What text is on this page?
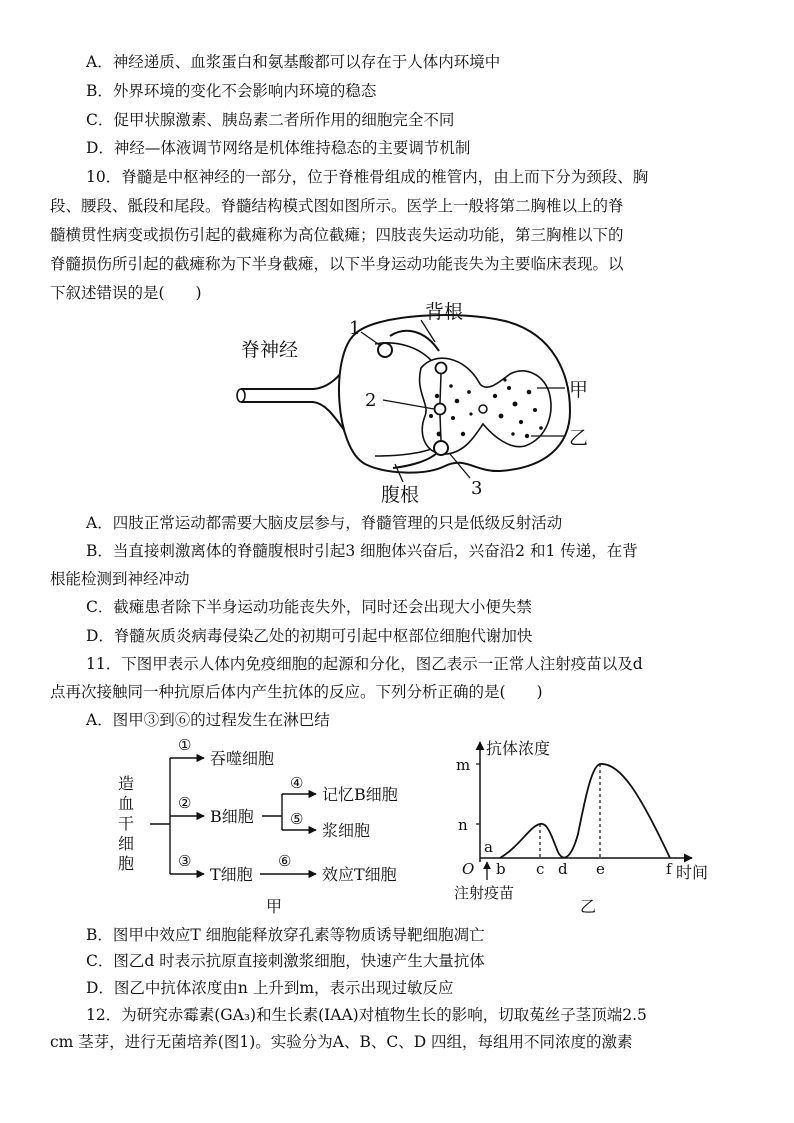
A．神经递质、血浆蛋白和氨基酸都可以存在于人体内环境中
B．外界环境的变化不会影响内环境的稳态
C．促甲状腺激素、胰岛素二者所作用的细胞完全不同
D．神经—体液调节网络是机体维持稳态的主要调节机制
10．脊髓是中枢神经的一部分，位于脊椎骨组成的椎管内，由上而下分为颈段、胸
段、腰段、骶段和尾段。脊髓结构模式图如图所示。医学上一般将第二胸椎以上的脊
髓横贯性病变或损伤引起的截瘫称为高位截瘫；四肢丧失运动功能，第三胸椎以下的
脊髓损伤所引起的截瘫称为下半身截瘫，以下半身运动功能丧失为主要临床表现。以
下叙述错误的是(　　)
脊神经
背根
1
2
3
甲
乙
腹根
A．四肢正常运动都需要大脑皮层参与，脊髓管理的只是低级反射活动
B．当直接刺激离体的脊髓腹根时引起3 细胞体兴奋后，兴奋沿2 和1 传递，在背
根能检测到神经冲动
C．截瘫患者除下半身运动功能丧失外，同时还会出现大小便失禁
D．脊髓灰质炎病毒侵染乙处的初期可引起中枢部位细胞代谢加快
11．下图甲表示人体内免疫细胞的起源和分化，图乙表示一正常人注射疫苗以及d
点再次接触同一种抗原后体内产生抗体的反应。下列分析正确的是(　　)
A．图甲③到⑥的过程发生在淋巴结
造
血
干
细
胞
①
②
③
吞噬细胞
B细胞
T细胞
④
⑤
记忆B细胞
浆细胞
⑥
效应T细胞
甲
抗体浓度
时间
m
n
O
a
b c d e	f
注射疫苗
乙
B．图甲中效应T 细胞能释放穿孔素等物质诱导靶细胞凋亡
C．图乙d 时表示抗原直接刺激浆细胞，快速产生大量抗体
D．图乙中抗体浓度由n 上升到m，表示出现过敏反应
12．为研究赤霉素(GA₃)和生长素(IAA)对植物生长的影响，切取菟丝子茎顶端2.5
cm 茎芽，进行无菌培养(图1)。实验分为A、B、C、D 四组，每组用不同浓度的激素
